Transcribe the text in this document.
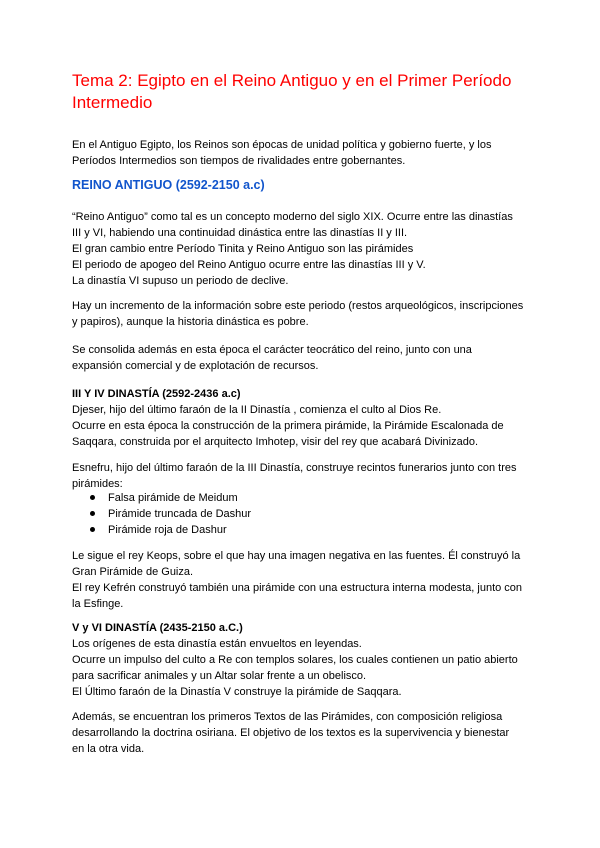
Tema 2: Egipto en el Reino Antiguo y en el Primer Período
Intermedio

En el Antiguo Egipto, los Reinos son épocas de unidad política y gobierno fuerte, y los
Períodos Intermedios son tiempos de rivalidades entre gobernantes.

REINO ANTIGUO (2592-2150 a.c)

“Reino Antiguo” como tal es un concepto moderno del siglo XIX. Ocurre entre las dinastías
III y VI, habiendo una continuidad dinástica entre las dinastías II y III.
El gran cambio entre Período Tinita y Reino Antiguo son las pirámides
El periodo de apogeo del Reino Antiguo ocurre entre las dinastías III y V.
La dinastía VI supuso un periodo de declive.

Hay un incremento de la información sobre este periodo (restos arqueológicos, inscripciones
y papiros), aunque la historia dinástica es pobre.

Se consolida además en esta época el carácter teocrático del reino, junto con una
expansión comercial y de explotación de recursos.

III Y IV DINASTÍA (2592-2436 a.c)

Djeser, hijo del último faraón de la II Dinastía , comienza el culto al Dios Re.
Ocurre en esta época la construcción de la primera pirámide, la Pirámide Escalonada de
Saqqara, construida por el arquitecto Imhotep, visir del rey que acabará Divinizado.

Esnefru, hijo del último faraón de la III Dinastía, construye recintos funerarios junto con tres
pirámides:

Falsa pirámide de Meidum
Pirámide truncada de Dashur
Pirámide roja de Dashur

Le sigue el rey Keops, sobre el que hay una imagen negativa en las fuentes. Él construyó la
Gran Pirámide de Guiza.
El rey Kefrén construyó también una pirámide con una estructura interna modesta, junto con
la Esfinge.

V y VI DINASTÍA (2435-2150 a.C.)

Los orígenes de esta dinastía están envueltos en leyendas.
Ocurre un impulso del culto a Re con templos solares, los cuales contienen un patio abierto
para sacrificar animales y un Altar solar frente a un obelisco.
El Último faraón de la Dinastía V construye la pirámide de Saqqara.

Además, se encuentran los primeros Textos de las Pirámides, con composición religiosa
desarrollando la doctrina osiriana. El objetivo de los textos es la supervivencia y bienestar
en la otra vida.
